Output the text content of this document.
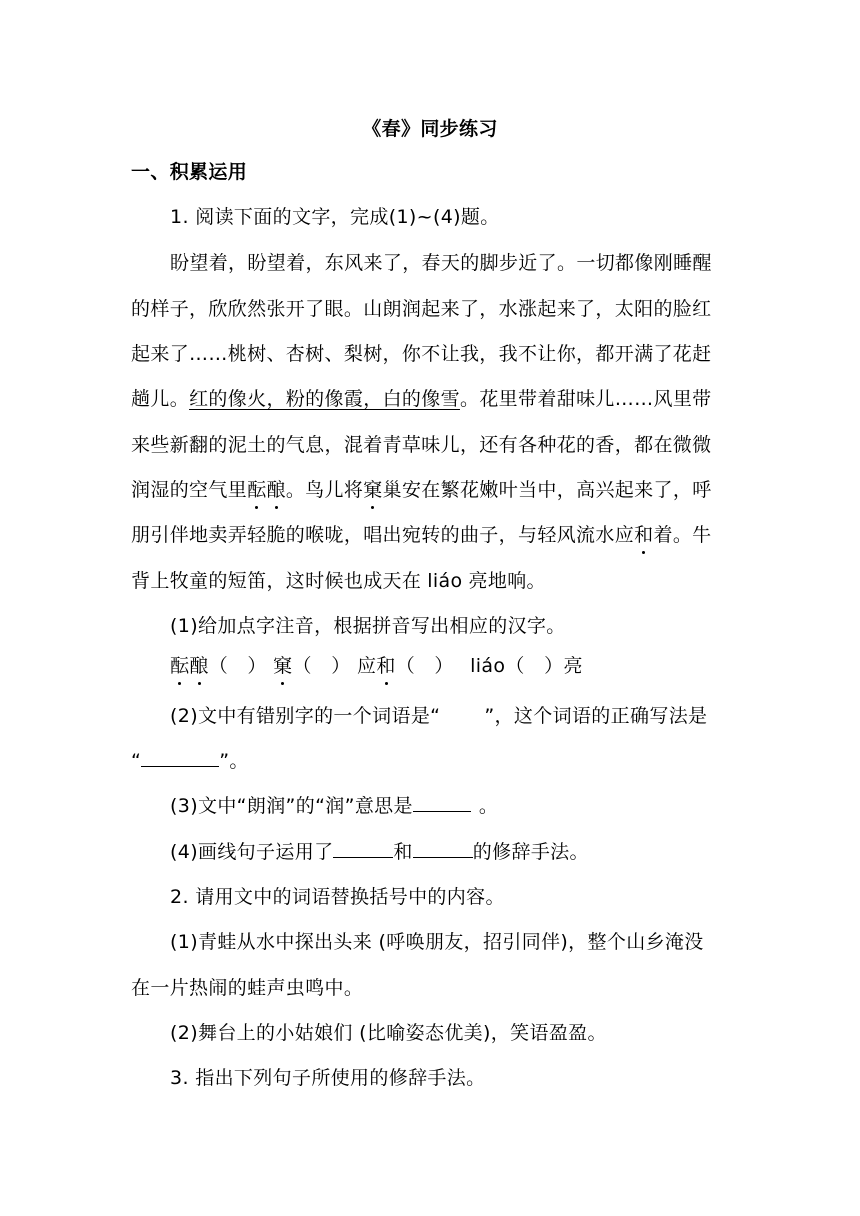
《春》同步练习
一、积累运用
1. 阅读下面的文字，完成(1)~(4)题。
盼望着，盼望着，东风来了，春天的脚步近了。一切都像刚睡醒
的样子，欣欣然张开了眼。山朗润起来了，水涨起来了，太阳的脸红
起来了……桃树、杏树、梨树，你不让我，我不让你，都开满了花赶
趟儿。红的像火，粉的像霞，白的像雪。花里带着甜味儿……风里带
来些新翻的泥土的气息，混着青草味儿，还有各种花的香，都在微微
润湿的空气里酝酿。鸟儿将窠巢安在繁花嫩叶当中，高兴起来了，呼
朋引伴地卖弄轻脆的喉咙，唱出宛转的曲子，与轻风流水应和着。牛
背上牧童的短笛，这时候也成天在 liáo 亮地响。
(1)给加点字注音，根据拼音写出相应的汉字。
酝酿（　） 窠（　） 应和（　） liáo（　）亮
(2)文中有错别字的一个词语是“ ”，这个词语的正确写法是
“	”。
(3)文中“朗润”的“润”意思是	。
(4)画线句子运用了	和	的修辞手法。
2. 请用文中的词语替换括号中的内容。
(1)青蛙从水中探出头来 (呼唤朋友，招引同伴)，整个山乡淹没
在一片热闹的蛙声虫鸣中。
(2)舞台上的小姑娘们 (比喻姿态优美)，笑语盈盈。
3. 指出下列句子所使用的修辞手法。
